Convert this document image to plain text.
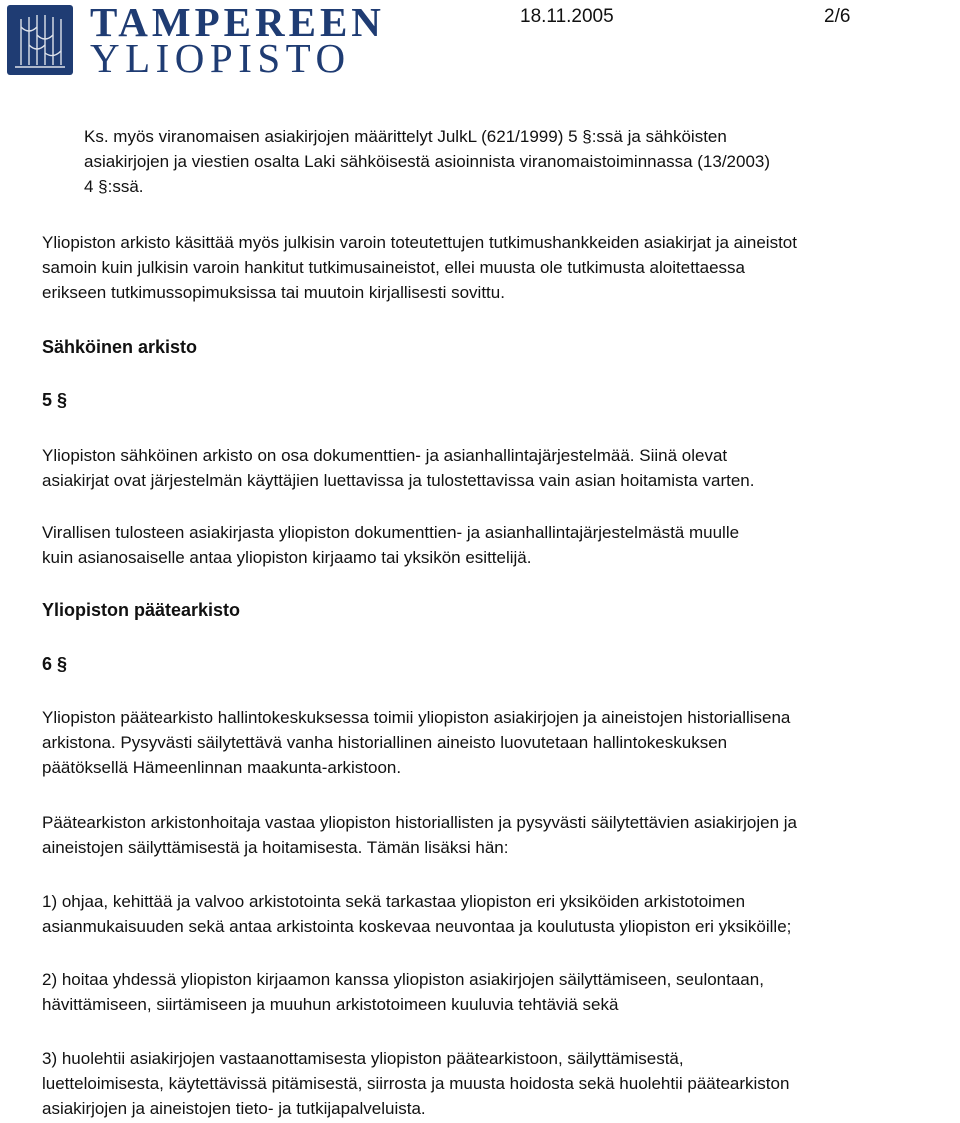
TAMPEREEN
YLIOPISTO
18.11.2005	2/6

Ks. myös viranomaisen asiakirjojen määrittelyt JulkL (621/1999) 5 §:ssä ja sähköisten
asiakirjojen ja viestien osalta Laki sähköisestä asioinnista viranomaistoiminnassa (13/2003)
4 §:ssä.

Yliopiston arkisto käsittää myös julkisin varoin toteutettujen tutkimushankkeiden asiakirjat ja aineistot
samoin kuin julkisin varoin hankitut tutkimusaineistot, ellei muusta ole tutkimusta aloitettaessa
erikseen tutkimussopimuksissa tai muutoin kirjallisesti sovittu.

Sähköinen arkisto
5 §

Yliopiston sähköinen arkisto on osa dokumenttien- ja asianhallintajärjestelmää. Siinä olevat
asiakirjat ovat järjestelmän käyttäjien luettavissa ja tulostettavissa vain asian hoitamista varten.

Virallisen tulosteen asiakirjasta yliopiston dokumenttien- ja asianhallintajärjestelmästä muulle
kuin asianosaiselle antaa yliopiston kirjaamo tai yksikön esittelijä.

Yliopiston päätearkisto
6 §

Yliopiston päätearkisto hallintokeskuksessa toimii yliopiston asiakirjojen ja aineistojen historiallisena
arkistona. Pysyvästi säilytettävä vanha historiallinen aineisto luovutetaan hallintokeskuksen
päätöksellä Hämeenlinnan maakunta-arkistoon.

Päätearkiston arkistonhoitaja vastaa yliopiston historiallisten ja pysyvästi säilytettävien asiakirjojen ja
aineistojen säilyttämisestä ja hoitamisesta. Tämän lisäksi hän:

1) ohjaa, kehittää ja valvoo arkistotointa sekä tarkastaa yliopiston eri yksiköiden arkistotoimen
asianmukaisuuden sekä antaa arkistointa koskevaa neuvontaa ja koulutusta yliopiston eri yksiköille;

2) hoitaa yhdessä yliopiston kirjaamon kanssa yliopiston asiakirjojen säilyttämiseen, seulontaan,
hävittämiseen, siirtämiseen ja muuhun arkistotoimeen kuuluvia tehtäviä sekä

3) huolehtii asiakirjojen vastaanottamisesta yliopiston päätearkistoon, säilyttämisestä,
luetteloimisesta, käytettävissä pitämisestä, siirrosta ja muusta hoidosta sekä huolehtii päätearkiston
asiakirjojen ja aineistojen tieto- ja tutkijapalveluista.
